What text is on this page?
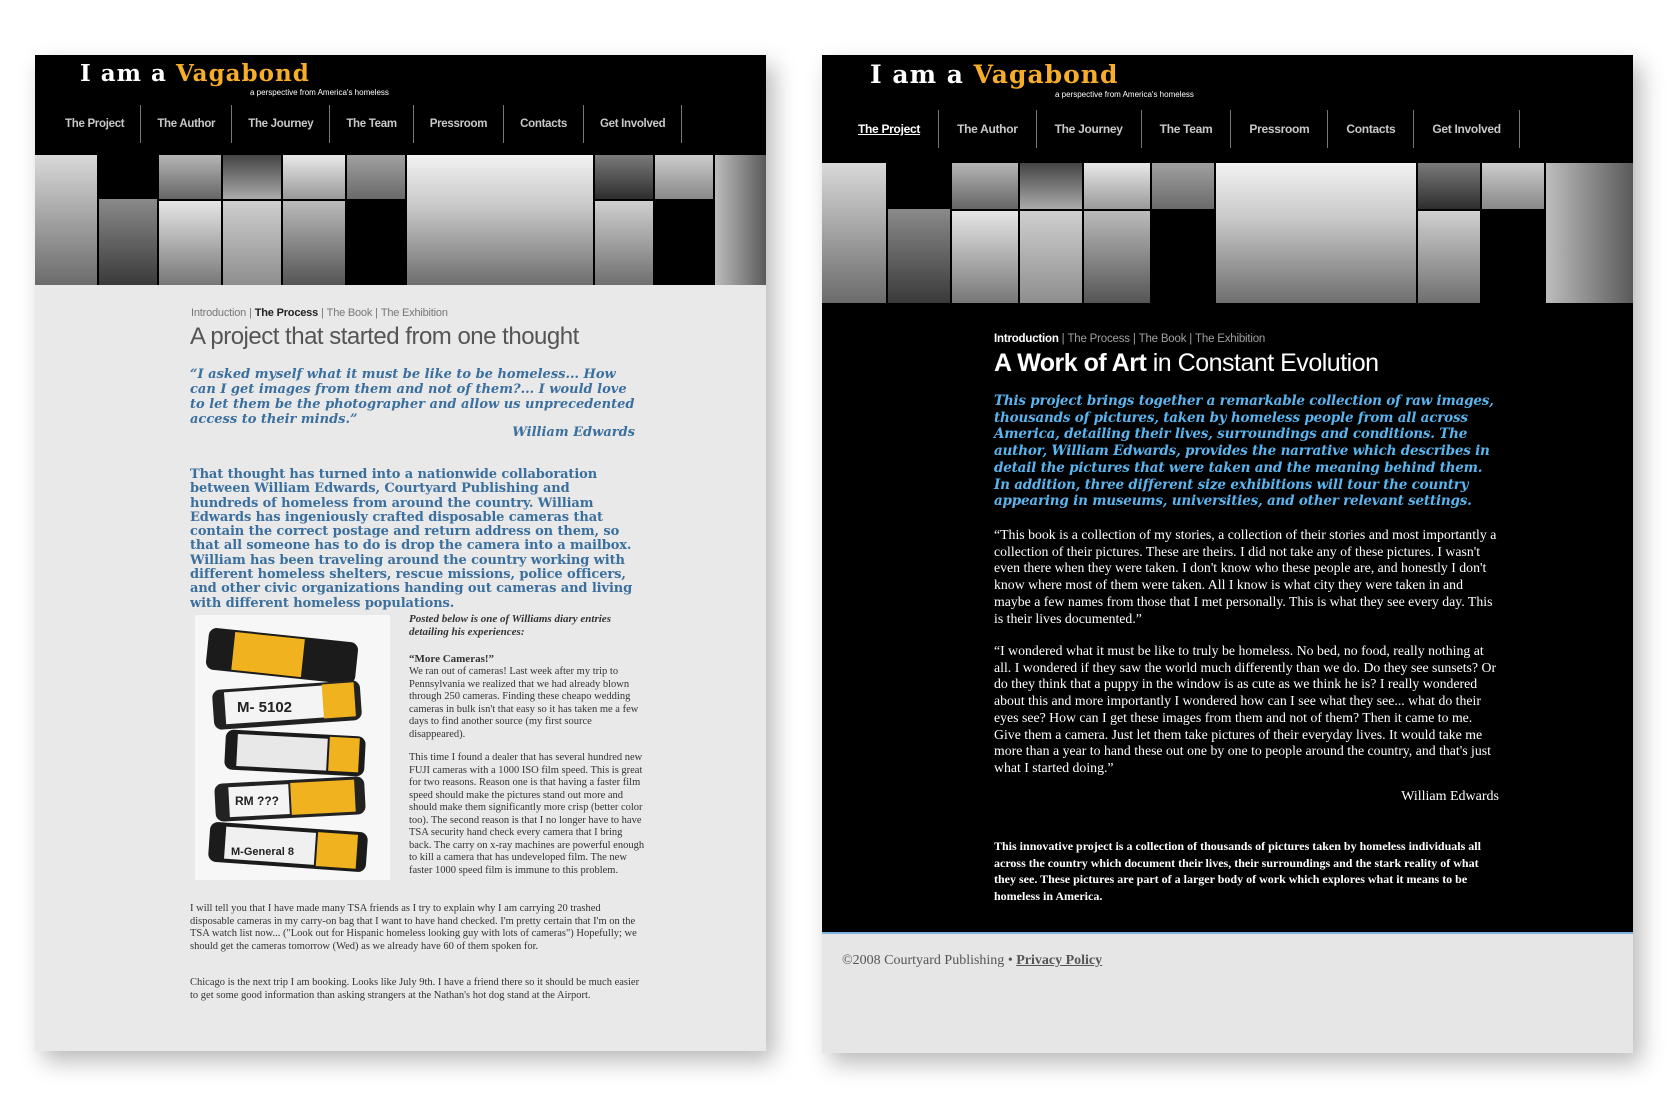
I am a Vagabond
a perspective from America's homeless
The Project	The Author	The Journey	The Team	Pressroom	Contacts	Get Involved
Introduction | The Process | The Book | The Exhibition
A project that started from one thought
“I asked myself what it must be like to be homeless... How can I get images from them and not of them?... I would love to let them be the photographer and allow us unprecedented access to their minds.”
William Edwards
That thought has turned into a nationwide collaboration between William Edwards, Courtyard Publishing and hundreds of homeless from around the country. William Edwards has ingeniously crafted disposable cameras that contain the correct postage and return address on them, so that all someone has to do is drop the camera into a mailbox. William has been traveling around the country working with different homeless shelters, rescue missions, police officers, and other civic organizations handing out cameras and living with different homeless populations.
M- 5102
RM ???
M-General 8
Posted below is one of Williams diary entries detailing his experiences:
“More Cameras!”
We ran out of cameras! Last week after my trip to Pennsylvania we realized that we had already blown through 250 cameras. Finding these cheapo wedding cameras in bulk isn't that easy so it has taken me a few days to find another source (my first source disappeared).
This time I found a dealer that has several hundred new FUJI cameras with a 1000 ISO film speed. This is great for two reasons. Reason one is that having a faster film speed should make the pictures stand out more and should make them significantly more crisp (better color too). The second reason is that I no longer have to have TSA security hand check every camera that I bring back. The carry on x-ray machines are powerful enough to kill a camera that has undeveloped film. The new faster 1000 speed film is immune to this problem.
I will tell you that I have made many TSA friends as I try to explain why I am carrying 20 trashed disposable cameras in my carry-on bag that I want to have hand checked. I'm pretty certain that I'm on the TSA watch list now... ("Look out for Hispanic homeless looking guy with lots of cameras") Hopefully; we should get the cameras tomorrow (Wed) as we already have 60 of them spoken for.
Chicago is the next trip I am booking. Looks like July 9th. I have a friend there so it should be much easier to get some good information than asking strangers at the Nathan's hot dog stand at the Airport.
I am a Vagabond
a perspective from America's homeless
The Project	The Author	The Journey	The Team	Pressroom	Contacts	Get Involved
Introduction | The Process | The Book | The Exhibition
A Work of Art in Constant Evolution
This project brings together a remarkable collection of raw images, thousands of pictures, taken by homeless people from all across America, detailing their lives, surroundings and conditions. The author, William Edwards, provides the narrative which describes in detail the pictures that were taken and the meaning behind them. In addition, three different size exhibitions will tour the country appearing in museums, universities, and other relevant settings.
“This book is a collection of my stories, a collection of their stories and most importantly a collection of their pictures. These are theirs. I did not take any of these pictures. I wasn't even there when they were taken. I don't know who these people are, and honestly I don't know where most of them were taken. All I know is what city they were taken in and maybe a few names from those that I met personally. This is what they see every day. This is their lives documented.”
“I wondered what it must be like to truly be homeless. No bed, no food, really nothing at all. I wondered if they saw the world much differently than we do. Do they see sunsets? Or do they think that a puppy in the window is as cute as we think he is? I really wondered about this and more importantly I wondered how can I see what they see... what do their eyes see? How can I get these images from them and not of them? Then it came to me. Give them a camera. Just let them take pictures of their everyday lives. It would take me more than a year to hand these out one by one to people around the country, and that's just what I started doing.”
William Edwards
This innovative project is a collection of thousands of pictures taken by homeless individuals all across the country which document their lives, their surroundings and the stark reality of what they see. These pictures are part of a larger body of work which explores what it means to be homeless in America.
©2008 Courtyard Publishing • Privacy Policy
